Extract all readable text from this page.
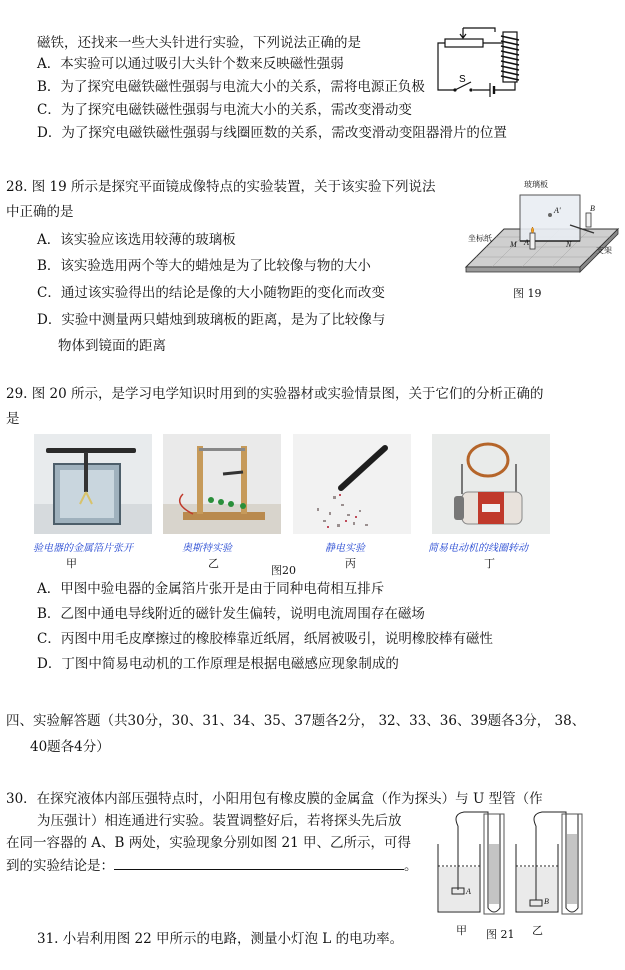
磁铁，还找来一些大头针进行实验，下列说法正确的是
A．本实验可以通过吸引大头针个数来反映磁性强弱
B．为了探究电磁铁磁性强弱与电流大小的关系，需将电源正负极
C．为了探究电磁铁磁性强弱与电流大小的关系，需改变滑动变
D．为了探究电磁铁磁性强弱与线圈匝数的关系，需改变滑动变阻器滑片的位置
S
28. 图 19 所示是探究平面镜成像特点的实验装置，关于该实验下列说法
中正确的是
A．该实验应该选用较薄的玻璃板
B．该实验选用两个等大的蜡烛是为了比较像与物的大小
C．通过该实验得出的结论是像的大小随物距的变化而改变
D．实验中测量两只蜡烛到玻璃板的距离，是为了比较像与
物体到镜面的距离
玻璃板
坐标纸
支架
M	N
A
A'	B
图 19
29. 图 20 所示，是学习电学知识时用到的实验器材或实验情景图，关于它们的分析正确的
是
验电器的金属箔片张开	奥斯特实验	静电实验	简易电动机的线圈转动
甲	乙
图20
丙	丁
A．甲图中验电器的金属箔片张开是由于同种电荷相互排斥
B．乙图中通电导线附近的磁针发生偏转，说明电流周围存在磁场
C．丙图中用毛皮摩擦过的橡胶棒靠近纸屑，纸屑被吸引，说明橡胶棒有磁性
D．丁图中简易电动机的工作原理是根据电磁感应现象制成的
四、实验解答题（共30分，30、31、34、35、37题各2分， 32、33、36、39题各3分， 38、
40题各4分）
30．在探究液体内部压强特点时，小阳用包有橡皮膜的金属盒（作为探头）与 U 型管（作
为压强计）相连通进行实验。装置调整好后，若将探头先后放
在同一容器的 A、B 两处，实验现象分别如图 21 甲、乙所示，可得
到的实验结论是：	。
A
B
甲 图 21 乙
31. 小岩利用图 22 甲所示的电路，测量小灯泡 L 的电功率。
